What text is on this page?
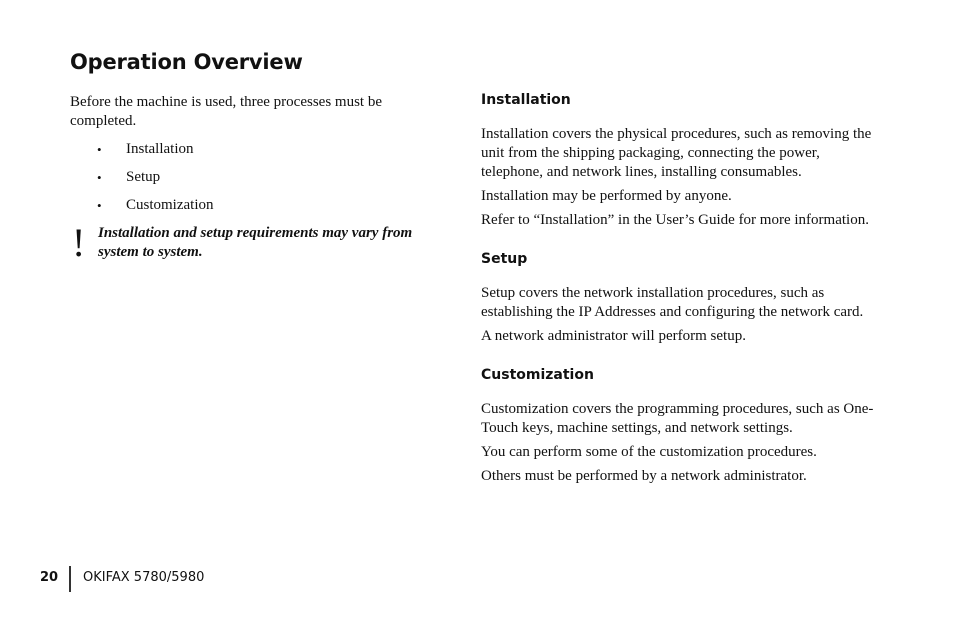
Operation Overview

Before the machine is used, three processes must be completed.

• Installation
• Setup
• Customization
! Installation and setup requirements may vary from system to system.

Installation

Installation covers the physical procedures, such as removing the unit from the shipping packaging, connecting the power, telephone, and network lines, installing consumables.

Installation may be performed by anyone.

Refer to “Installation” in the User’s Guide for more information.

Setup

Setup covers the network installation procedures, such as establishing the IP Addresses and configuring the network card.

A network administrator will perform setup.

Customization

Customization covers the programming procedures, such as One-Touch keys, machine settings, and network settings.

You can perform some of the customization procedures.

Others must be performed by a network administrator.

20 OKIFAX 5780/5980
